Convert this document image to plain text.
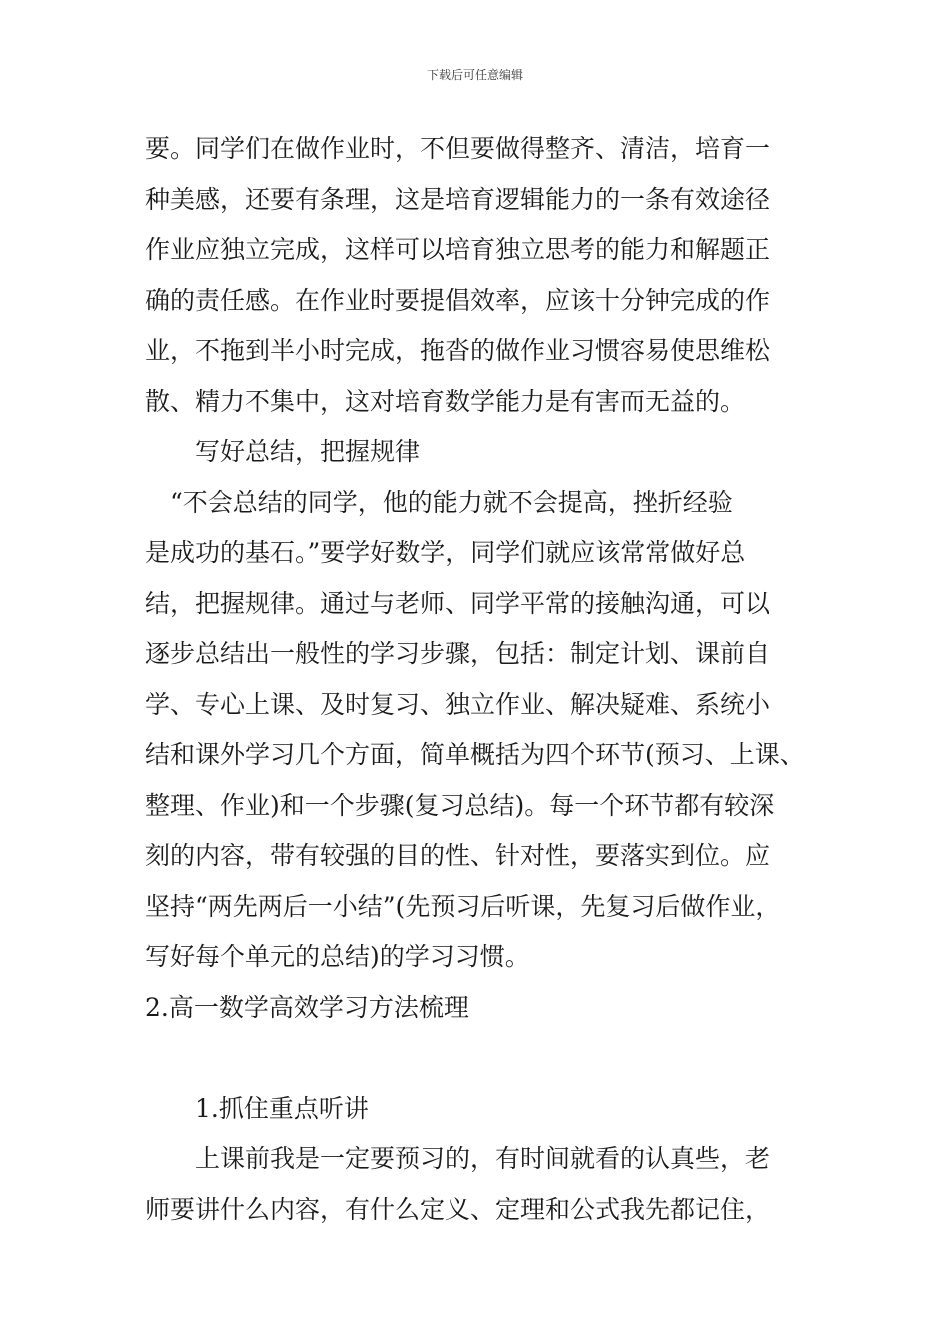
下载后可任意编辑
要。同学们在做作业时，不但要做得整齐、清洁，培育一
种美感，还要有条理，这是培育逻辑能力的一条有效途径
作业应独立完成，这样可以培育独立思考的能力和解题正
确的责任感。在作业时要提倡效率，应该十分钟完成的作
业，不拖到半小时完成，拖沓的做作业习惯容易使思维松
散、精力不集中，这对培育数学能力是有害而无益的。
写好总结，把握规律
“不会总结的同学，他的能力就不会提高，挫折经验
是成功的基石。”要学好数学，同学们就应该常常做好总
结，把握规律。通过与老师、同学平常的接触沟通，可以
逐步总结出一般性的学习步骤，包括：制定计划、课前自
学、专心上课、及时复习、独立作业、解决疑难、系统小
结和课外学习几个方面，简单概括为四个环节(预习、上课、
整理、作业)和一个步骤(复习总结)。每一个环节都有较深
刻的内容，带有较强的目的性、针对性，要落实到位。应
坚持“两先两后一小结”(先预习后听课，先复习后做作业，
写好每个单元的总结)的学习习惯。
2.高一数学高效学习方法梳理
1.抓住重点听讲
上课前我是一定要预习的，有时间就看的认真些，老
师要讲什么内容，有什么定义、定理和公式我先都记住，
